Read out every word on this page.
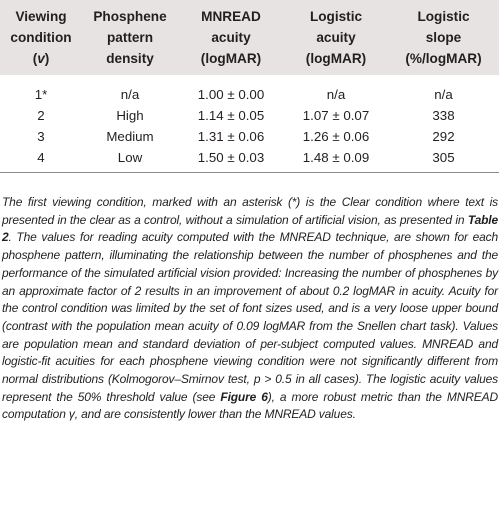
Viewing
condition
(v)	Phosphene
pattern
density	MNREAD
acuity
(logMAR)	Logistic
acuity
(logMAR)	Logistic
slope
(%/logMAR)

1*	n/a	1.00 ± 0.00	n/a	n/a
2	High	1.14 ± 0.05	1.07 ± 0.07	338
3	Medium	1.31 ± 0.06	1.26 ± 0.06	292
4	Low	1.50 ± 0.03	1.48 ± 0.09	305

The first viewing condition, marked with an asterisk (*) is the Clear condition where text is presented in the clear as a control, without a simulation of artificial vision, as presented in Table 2. The values for reading acuity computed with the MNREAD technique, are shown for each phosphene pattern, illuminating the relationship between the number of phosphenes and the performance of the simulated artificial vision provided: Increasing the number of phosphenes by an approximate factor of 2 results in an improvement of about 0.2 logMAR in acuity. Acuity for the control condition was limited by the set of font sizes used, and is a very loose upper bound (contrast with the population mean acuity of 0.09 logMAR from the Snellen chart task). Values are population mean and standard deviation of per-subject computed values. MNREAD and logistic-fit acuities for each phosphene viewing condition were not significantly different from normal distributions (Kolmogorov–Smirnov test, p > 0.5 in all cases). The logistic acuity values represent the 50% threshold value (see Figure 6), a more robust metric than the MNREAD computation γ, and are consistently lower than the MNREAD values.
